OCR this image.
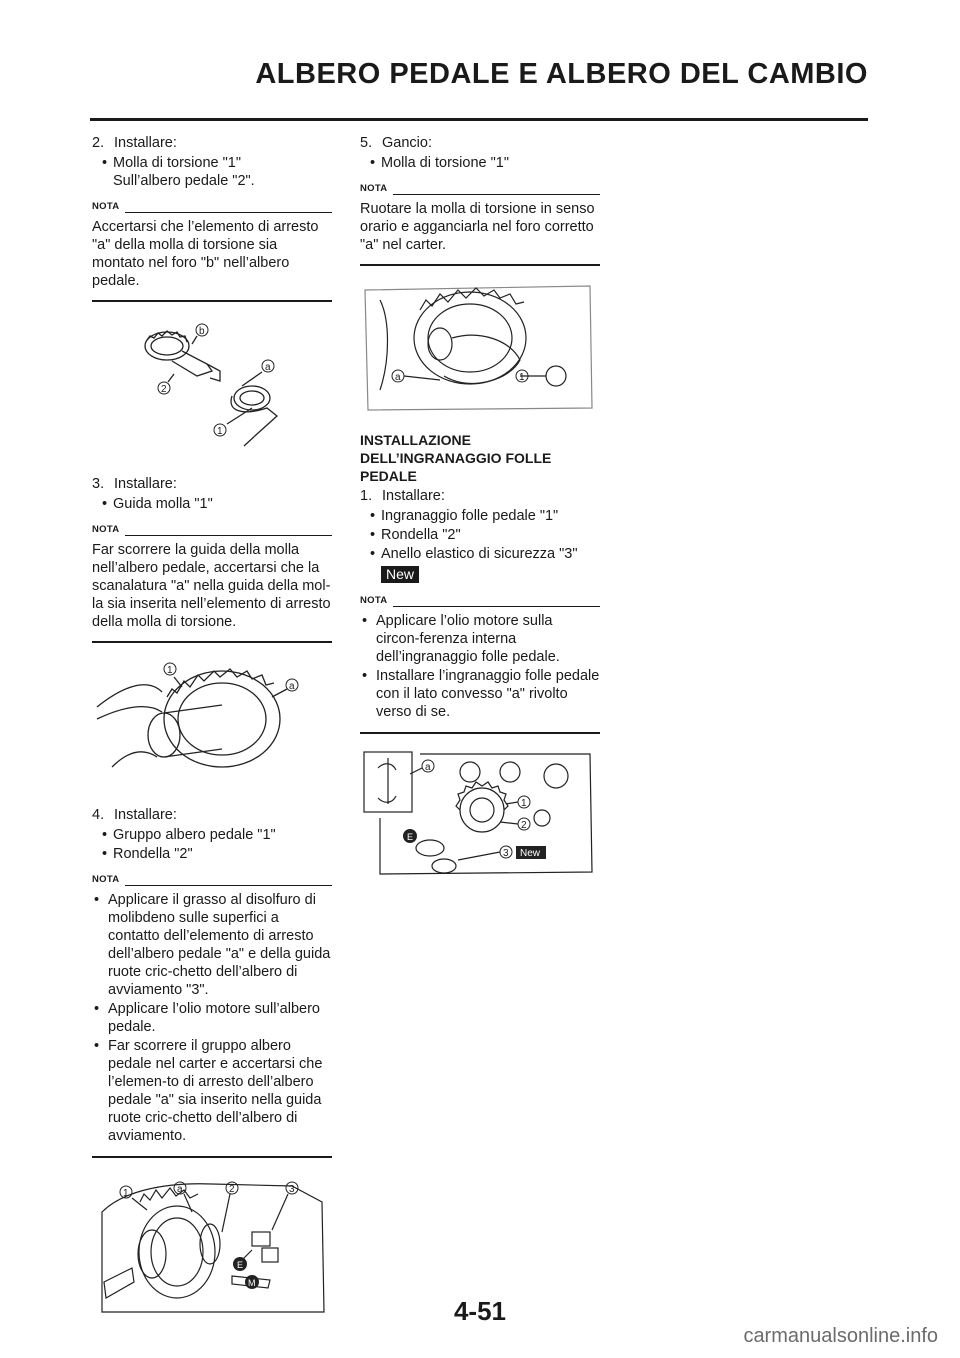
ALBERO PEDALE E ALBERO DEL CAMBIO
2. Installare:
• Molla di torsione "1"
Sull’albero pedale "2".
NOTA
Accertarsi che l’elemento di arresto "a" della molla di torsione sia montato nel foro "b" nell’albero pedale.
b
a
2
1
3. Installare:
• Guida molla "1"
NOTA
Far scorrere la guida della molla nell’albero pedale, accertarsi che la scanalatura "a" nella guida della mol-la sia inserita nell’elemento di arresto della molla di torsione.
1
a
4. Installare:
• Gruppo albero pedale "1"
• Rondella "2"
NOTA
• Applicare il grasso al disolfuro di molibdeno sulle superfici a contatto dell’elemento di arresto dell’albero pedale "a" e della guida ruote cric-chetto dell’albero di avviamento "3".
• Applicare l’olio motore sull’albero pedale.
• Far scorrere il gruppo albero pedale nel carter e accertarsi che l’elemen-to di arresto dell’albero pedale "a" sia inserito nella guida ruote cric-chetto dell’albero di avviamento.
1	a	2	3
E
M
5. Gancio:
• Molla di torsione "1"
NOTA
Ruotare la molla di torsione in senso orario e agganciarla nel foro corretto "a" nel carter.
a	1
INSTALLAZIONE DELL’INGRANAGGIO FOLLE PEDALE
1. Installare:
• Ingranaggio folle pedale "1"
• Rondella "2"
• Anello elastico di sicurezza "3"
New
NOTA
• Applicare l’olio motore sulla circon-ferenza interna dell’ingranaggio folle pedale.
• Installare l’ingranaggio folle pedale con il lato convesso "a" rivolto verso di se.
a
1
2
3
E
New
4-51
carmanualsonline.info
